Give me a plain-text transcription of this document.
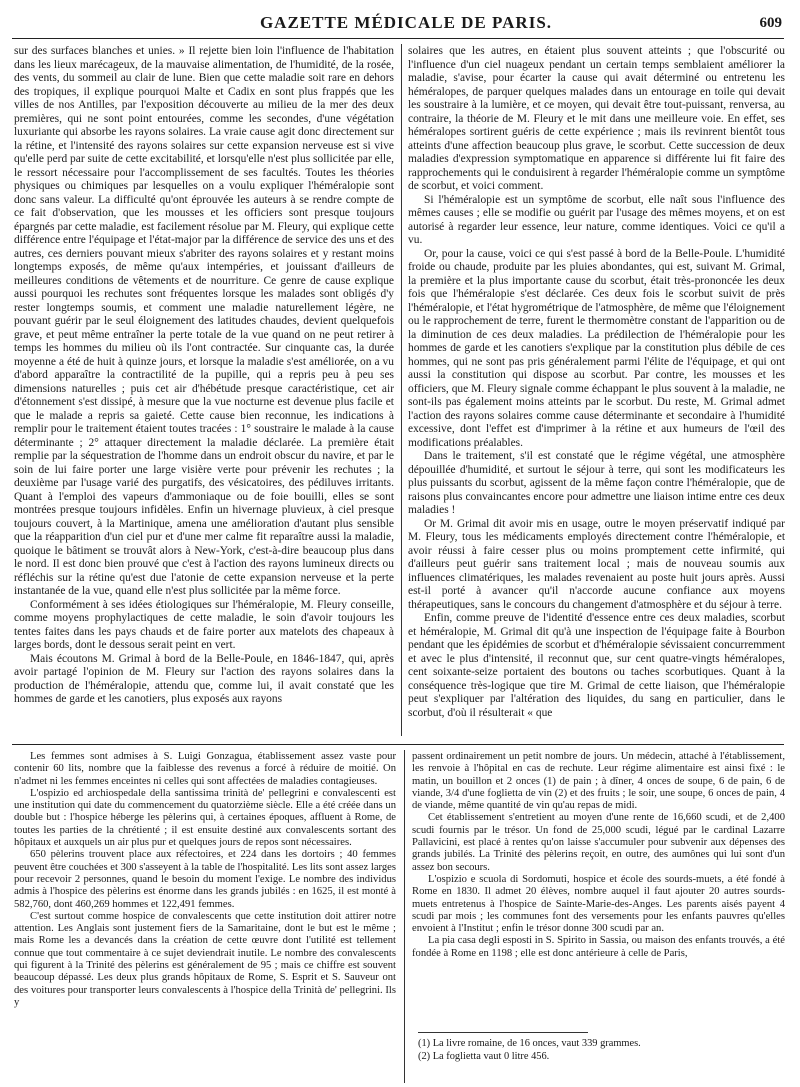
GAZETTE MÉDICALE DE PARIS.	609

sur des surfaces blanches et unies. » Il rejette bien loin l'influence de l'habitation dans les lieux marécageux, de la mauvaise alimentation, de l'humidité, de la rosée, des vents, du sommeil au clair de lune. Bien que cette maladie soit rare en dehors des tropiques, il explique pourquoi Malte et Cadix en sont plus frappés que les villes de nos Antilles, par l'exposition découverte au milieu de la mer des deux premières, qui ne sont point entourées, comme les secondes, d'une végétation luxuriante qui absorbe les rayons solaires. La vraie cause agit donc directement sur la rétine, et l'intensité des rayons solaires sur cette expansion nerveuse est si vive qu'elle perd par suite de cette excitabilité, et lorsqu'elle n'est plus sollicitée par elle, le ressort nécessaire pour l'accomplissement de ses facultés. Toutes les théories physiques ou chimiques par lesquelles on a voulu expliquer l'héméralopie sont donc sans valeur. La difficulté qu'ont éprouvée les auteurs à se rendre compte de ce fait d'observation, que les mousses et les officiers sont presque toujours épargnés par cette maladie, est facilement résolue par M. Fleury, qui explique cette différence entre l'équipage et l'état-major par la différence de service des uns et des autres, ces derniers pouvant mieux s'abriter des rayons solaires et y restant moins longtemps exposés, de même qu'aux intempéries, et jouissant d'ailleurs de meilleures conditions de vêtements et de nourriture. Ce genre de cause explique aussi pourquoi les rechutes sont fréquentes lorsque les malades sont obligés d'y rester longtemps soumis, et comment une maladie naturellement légère, ne pouvant guérir par le seul éloignement des latitudes chaudes, devient quelquefois grave, et peut même entraîner la perte totale de la vue quand on ne peut retirer à temps les hommes du milieu où ils l'ont contractée. Sur cinquante cas, la durée moyenne a été de huit à quinze jours, et lorsque la maladie s'est améliorée, on a vu d'abord apparaître la contractilité de la pupille, qui a repris peu à peu ses dimensions naturelles ; puis cet air d'hébétude presque caractéristique, cet air d'étonnement s'est dissipé, à mesure que la vue nocturne est devenue plus facile et que le malade a repris sa gaieté. Cette cause bien reconnue, les indications à remplir pour le traitement étaient toutes tracées : 1° soustraire le malade à la cause déterminante ; 2° attaquer directement la maladie déclarée. La première était remplie par la séquestration de l'homme dans un endroit obscur du navire, et par le soin de lui faire porter une large visière verte pour prévenir les rechutes ; la deuxième par l'usage varié des purgatifs, des vésicatoires, des pédiluves irritants. Quant à l'emploi des vapeurs d'ammoniaque ou de foie bouilli, elles se sont montrées presque toujours infidèles. Enfin un hivernage pluvieux, à ciel presque toujours couvert, à la Martinique, amena une amélioration d'autant plus sensible que la réapparition d'un ciel pur et d'une mer calme fit reparaître aussi la maladie, quoique le bâtiment se trouvât alors à New-York, c'est-à-dire beaucoup plus dans le nord. Il est donc bien prouvé que c'est à l'action des rayons lumineux directs ou réfléchis sur la rétine qu'est due l'atonie de cette expansion nerveuse et la perte instantanée de la vue, quand elle n'est plus sollicitée par la même force.

Conformément à ses idées étiologiques sur l'héméralopie, M. Fleury conseille, comme moyens prophylactiques de cette maladie, le soin d'avoir toujours les tentes faites dans les pays chauds et de faire porter aux matelots des chapeaux à larges bords, dont le dessous serait peint en vert.

Mais écoutons M. Grimal à bord de la Belle-Poule, en 1846-1847, qui, après avoir partagé l'opinion de M. Fleury sur l'action des rayons solaires dans la production de l'héméralopie, attendu que, comme lui, il avait constaté que les hommes de garde et les canotiers, plus exposés aux rayons

solaires que les autres, en étaient plus souvent atteints ; que l'obscurité ou l'influence d'un ciel nuageux pendant un certain temps semblaient améliorer la maladie, s'avise, pour écarter la cause qui avait déterminé ou entretenu les héméralopes, de parquer quelques malades dans un entourage en toile qui devait les soustraire à la lumière, et ce moyen, qui devait être tout-puissant, renversa, au contraire, la théorie de M. Fleury et le mit dans une meilleure voie. En effet, ses héméralopes sortirent guéris de cette expérience ; mais ils revinrent bientôt tous atteints d'une affection beaucoup plus grave, le scorbut. Cette succession de deux maladies d'expression symptomatique en apparence si différente lui fit faire des rapprochements qui le conduisirent à regarder l'héméralopie comme un symptôme de scorbut, et voici comment.

Si l'héméralopie est un symptôme de scorbut, elle naît sous l'influence des mêmes causes ; elle se modifie ou guérit par l'usage des mêmes moyens, et on est autorisé à regarder leur essence, leur nature, comme identiques. Voici ce qu'il a vu.

Or, pour la cause, voici ce qui s'est passé à bord de la Belle-Poule. L'humidité froide ou chaude, produite par les pluies abondantes, qui est, suivant M. Grimal, la première et la plus importante cause du scorbut, était très-prononcée les deux fois que l'héméralopie s'est déclarée. Ces deux fois le scorbut suivit de près l'héméralopie, et l'état hygrométrique de l'atmosphère, de même que l'éloignement ou le rapprochement de terre, furent le thermomètre constant de l'apparition ou de la diminution de ces deux maladies. La prédilection de l'héméralopie pour les hommes de garde et les canotiers s'explique par la constitution plus débile de ces hommes, qui ne sont pas pris généralement parmi l'élite de l'équipage, et qui ont aussi la constitution qui dispose au scorbut. Par contre, les mousses et les officiers, que M. Fleury signale comme échappant le plus souvent à la maladie, ne sont-ils pas également moins atteints par le scorbut. Du reste, M. Grimal admet l'action des rayons solaires comme cause déterminante et secondaire à l'humidité excessive, dont l'effet est d'imprimer à la rétine et aux humeurs de l'œil des modifications préalables.

Dans le traitement, s'il est constaté que le régime végétal, une atmosphère dépouillée d'humidité, et surtout le séjour à terre, qui sont les modificateurs les plus puissants du scorbut, agissent de la même façon contre l'héméralopie, que de raisons plus convaincantes encore pour admettre une liaison intime entre ces deux maladies !

Or M. Grimal dit avoir mis en usage, outre le moyen préservatif indiqué par M. Fleury, tous les médicaments employés directement contre l'héméralopie, et avoir réussi à faire cesser plus ou moins promptement cette infirmité, qui d'ailleurs peut guérir sans traitement local ; mais de nouveau soumis aux influences climatériques, les malades revenaient au poste huit jours après. Aussi est-il porté à avancer qu'il n'accorde aucune confiance aux moyens thérapeutiques, sans le concours du changement d'atmosphère et du séjour à terre.

Enfin, comme preuve de l'identité d'essence entre ces deux maladies, scorbut et héméralopie, M. Grimal dit qu'à une inspection de l'équipage faite à Bourbon pendant que les épidémies de scorbut et d'héméralopie sévissaient concurremment et avec le plus d'intensité, il reconnut que, sur cent quatre-vingts héméralopes, cent soixante-seize portaient des boutons ou taches scorbutiques. Quant à la conséquence très-logique que tire M. Grimal de cette liaison, que l'héméralopie peut s'expliquer par l'altération des liquides, du sang en particulier, dans le scorbut, d'où il résulterait « que

Les femmes sont admises à S. Luigi Gonzagua, établissement assez vaste pour contenir 60 lits, nombre que la faiblesse des revenus a forcé à réduire de moitié. On n'admet ni les femmes enceintes ni celles qui sont affectées de maladies contagieuses.

L'ospizio ed archiospedale della santissima trinità de' pellegrini e convalescenti est une institution qui date du commencement du quatorzième siècle. Elle a été créée dans un double but : l'hospice héberge les pèlerins qui, à certaines époques, affluent à Rome, de toutes les parties de la chrétienté ; il est ensuite destiné aux convalescents sortant des hôpitaux et auxquels un air plus pur et quelques jours de repos sont nécessaires.

650 pèlerins trouvent place aux réfectoires, et 224 dans les dortoirs ; 40 femmes peuvent être couchées et 300 s'asseyent à la table de l'hospitalité. Les lits sont assez larges pour recevoir 2 personnes, quand le besoin du moment l'exige. Le nombre des individus admis à l'hospice des pèlerins est énorme dans les grands jubilés : en 1625, il est monté à 582,760, dont 460,269 hommes et 122,491 femmes.

C'est surtout comme hospice de convalescents que cette institution doit attirer notre attention. Les Anglais sont justement fiers de la Samaritaine, dont le but est le même ; mais Rome les a devancés dans la création de cette œuvre dont l'utilité est tellement connue que tout commentaire à ce sujet deviendrait inutile. Le nombre des convalescents qui figurent à la Trinité des pèlerins est généralement de 95 ; mais ce chiffre est souvent beaucoup dépassé. Les deux plus grands hôpitaux de Rome, S. Esprit et S. Sauveur ont des voitures pour transporter leurs convalescents à l'hospice della Trinità de' pellegrini. Ils y

passent ordinairement un petit nombre de jours. Un médecin, attaché à l'établissement, les renvoie à l'hôpital en cas de rechute. Leur régime alimentaire est ainsi fixé : le matin, un bouillon et 2 onces (1) de pain ; à dîner, 4 onces de soupe, 6 de pain, 6 de viande, 3/4 d'une foglietta de vin (2) et des fruits ; le soir, une soupe, 6 onces de pain, 4 de viande, même quantité de vin qu'au repas de midi.

Cet établissement s'entretient au moyen d'une rente de 16,660 scudi, et de 2,400 scudi fournis par le trésor. Un fond de 25,000 scudi, légué par le cardinal Lazarre Pallavicini, est placé à rentes qu'on laisse s'accumuler pour subvenir aux dépenses des grands jubilés. La Trinité des pèlerins reçoit, en outre, des aumônes qui lui sont d'un assez bon secours.

L'ospizio e scuola di Sordomuti, hospice et école des sourds-muets, a été fondé à Rome en 1830. Il admet 20 élèves, nombre auquel il faut ajouter 20 autres sourds-muets entretenus à l'hospice de Sainte-Marie-des-Anges. Les parents aisés payent 4 scudi par mois ; les communes font des versements pour les enfants pauvres qu'elles envoient à l'Institut ; enfin le trésor donne 300 scudi par an.

La pia casa degli esposti in S. Spirito in Sassia, ou maison des enfants trouvés, a été fondée à Rome en 1198 ; elle est donc antérieure à celle de Paris,

(1) La livre romaine, de 16 onces, vaut 339 grammes.
(2) La foglietta vaut 0 litre 456.
